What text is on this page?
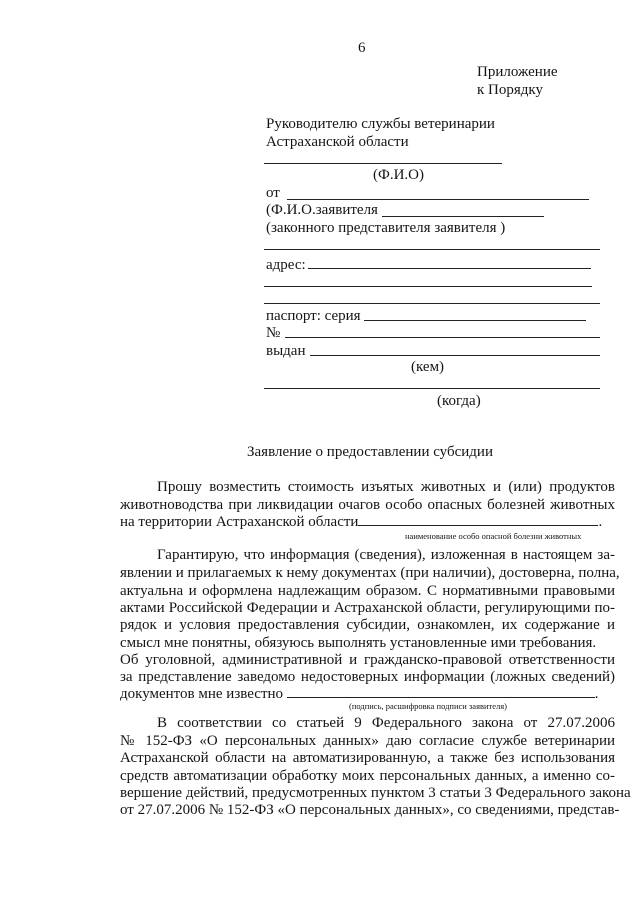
6
Приложение
к Порядку
Руководителю службы ветеринарии
Астраханской области
(Ф.И.О)
от
(Ф.И.О.заявителя
(законного представителя заявителя )
адрес:
паспорт: серия
№
выдан
(кем)
(когда)
Заявление о предоставлении субсидии
Прошу возместить стоимость изъятых животных и (или) продуктов
животноводства при ликвидации очагов особо опасных болезней животных
на территории Астраханской области	.
наименование особо опасной болезни животных
Гарантирую, что информация (сведения), изложенная в настоящем за-
явлении и прилагаемых к нему документах (при наличии), достоверна, полна,
актуальна и оформлена надлежащим образом. С нормативными правовыми
актами Российской Федерации и Астраханской области, регулирующими по-
рядок и условия предоставления субсидии, ознакомлен, их содержание и
смысл мне понятны, обязуюсь выполнять установленные ими требования.
Об уголовной, административной и гражданско-правовой ответственности
за представление заведомо недостоверных информации (ложных сведений)
документов мне известно	.
(подпись, расшифровка подписи заявителя)
В соответствии со статьей 9 Федерального закона от 27.07.2006
№ 152-ФЗ «О персональных данных» даю согласие службе ветеринарии
Астраханской области на автоматизированную, а также без использования
средств автоматизации обработку моих персональных данных, а именно со-
вершение действий, предусмотренных пунктом 3 статьи 3 Федерального закона
от 27.07.2006 № 152-ФЗ «О персональных данных», со сведениями, представ-
